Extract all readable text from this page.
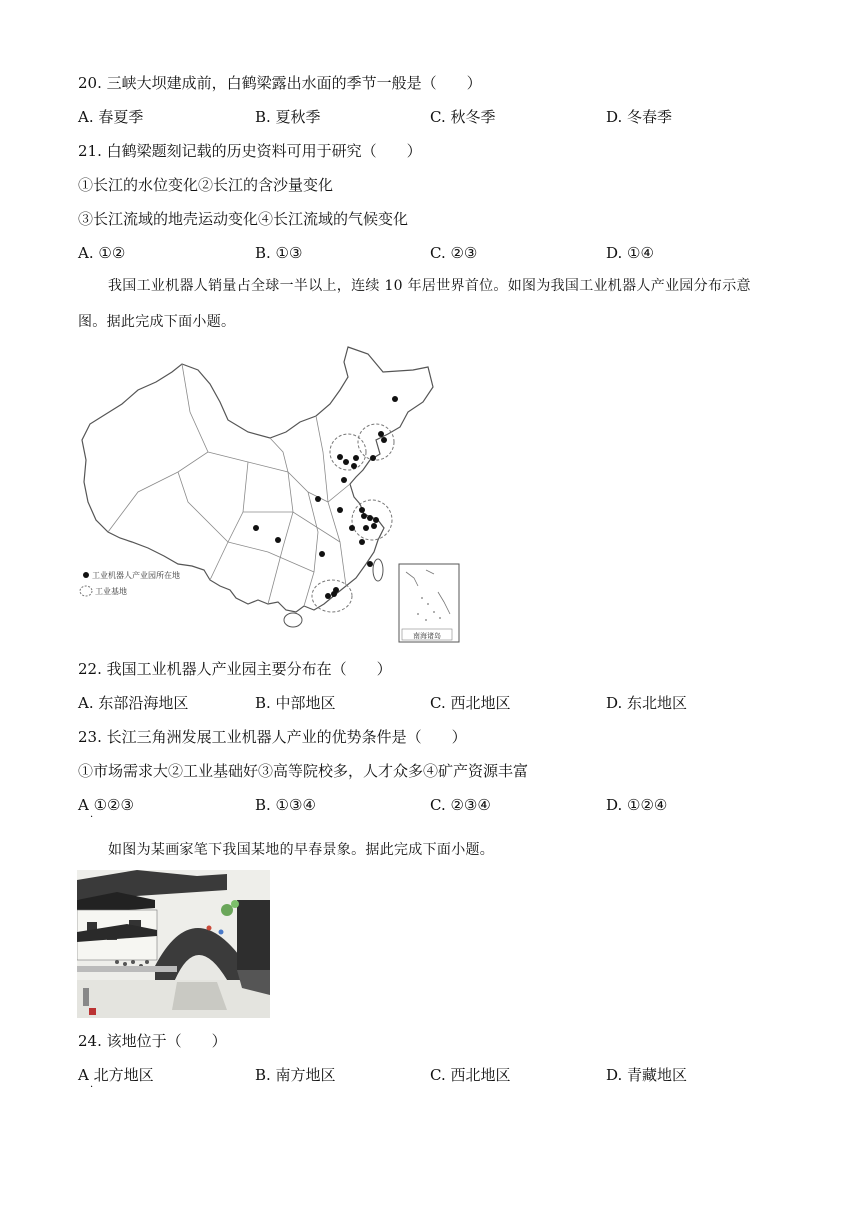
20. 三峡大坝建成前，白鹤梁露出水面的季节一般是（　　）
A. 春夏季	B. 夏秋季	C. 秋冬季	D. 冬春季
21. 白鹤梁题刻记载的历史资料可用于研究（　　）
①长江的水位变化②长江的含沙量变化
③长江流域的地壳运动变化④长江流域的气候变化
A. ①②	B. ①③	C. ②③	D. ①④
我国工业机器人销量占全球一半以上，连续 10 年居世界首位。如图为我国工业机器人产业园分布示意
图。据此完成下面小题。
南海诸岛
工业机器人产业园所在地
工业基地
22. 我国工业机器人产业园主要分布在（　　）
A. 东部沿海地区	B. 中部地区	C. 西北地区	D. 东北地区
23. 长江三角洲发展工业机器人产业的优势条件是（　　）
①市场需求大②工业基础好③高等院校多，人才众多④矿产资源丰富
A ①②③
·
B. ①③④	C. ②③④	D. ①②④
如图为某画家笔下我国某地的早春景象。据此完成下面小题。
24. 该地位于（　　）
A 北方地区
·
B. 南方地区	C. 西北地区	D. 青藏地区
